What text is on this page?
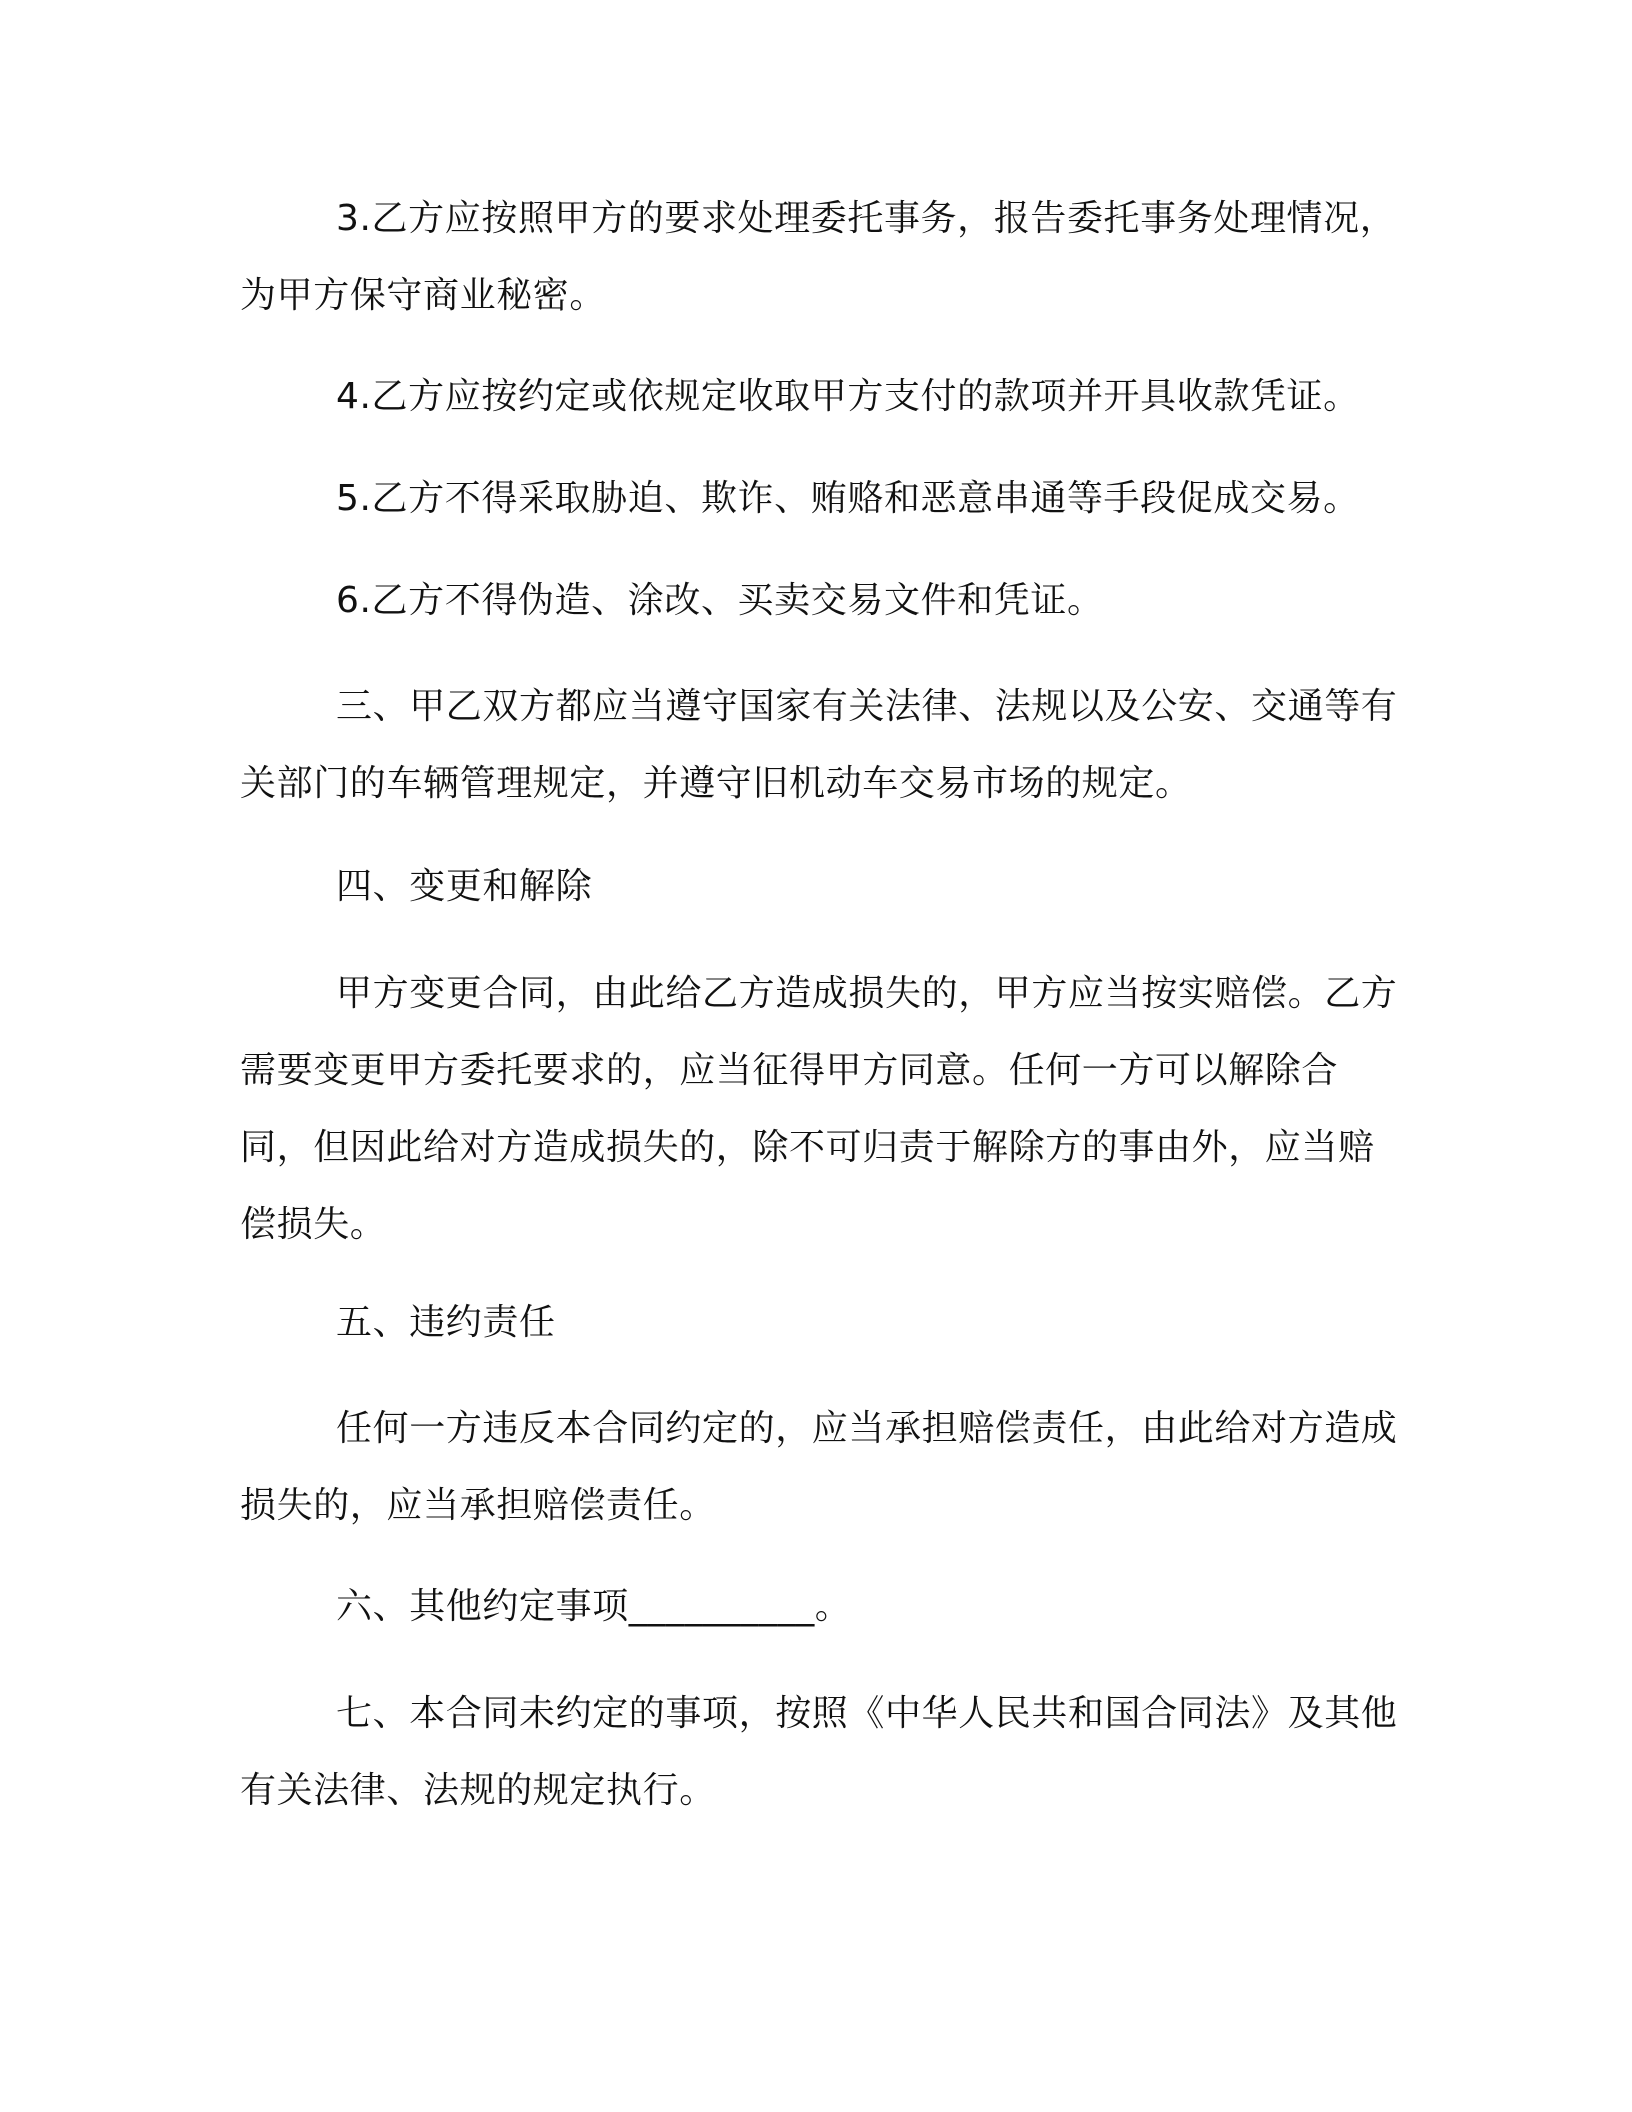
3.乙方应按照甲方的要求处理委托事务，报告委托事务处理情况，为甲方保守商业秘密。

4.乙方应按约定或依规定收取甲方支付的款项并开具收款凭证。

5.乙方不得采取胁迫、欺诈、贿赂和恶意串通等手段促成交易。

6.乙方不得伪造、涂改、买卖交易文件和凭证。

三、甲乙双方都应当遵守国家有关法律、法规以及公安、交通等有关部门的车辆管理规定，并遵守旧机动车交易市场的规定。

四、变更和解除

甲方变更合同，由此给乙方造成损失的，甲方应当按实赔偿。乙方需要变更甲方委托要求的，应当征得甲方同意。任何一方可以解除合同，但因此给对方造成损失的，除不可归责于解除方的事由外，应当赔偿损失。

五、违约责任

任何一方违反本合同约定的，应当承担赔偿责任，由此给对方造成损失的，应当承担赔偿责任。

六、其他约定事项__________。

七、本合同未约定的事项，按照《中华人民共和国合同法》及其他有关法律、法规的规定执行。
